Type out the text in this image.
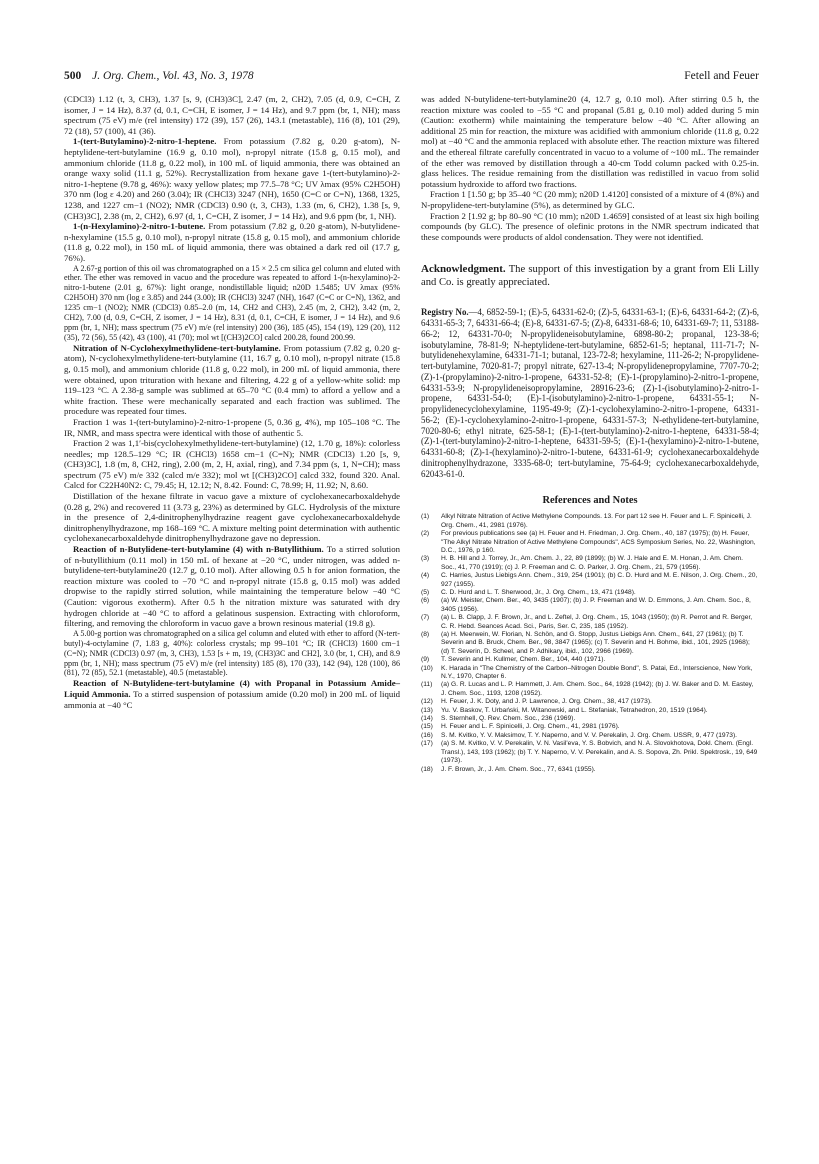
500 J. Org. Chem., Vol. 43, No. 3, 1978	Fetell and Feuer

(CDCl3) 1.12 (t, 3, CH3), 1.37 [s, 9, (CH3)3C], 2.47 (m, 2, CH2), 7.05 (d, 0.9, C=CH, Z isomer, J = 14 Hz), 8.37 (d, 0.1, C=CH, E isomer, J = 14 Hz), and 9.7 ppm (br, 1, NH); mass spectrum (75 eV) m/e (rel intensity) 172 (39), 157 (26), 143.1 (metastable), 116 (8), 101 (29), 72 (18), 57 (100), 41 (36).

1-(tert-Butylamino)-2-nitro-1-heptene. From potassium (7.82 g, 0.20 g-atom), N-heptylidene-tert-butylamine (16.9 g, 0.10 mol), n-propyl nitrate (15.8 g, 0.15 mol), and ammonium chloride (11.8 g, 0.22 mol), in 100 mL of liquid ammonia, there was obtained an orange waxy solid (11.1 g, 52%). Recrystallization from hexane gave 1-(tert-butylamino)-2-nitro-1-heptene (9.78 g, 46%): waxy yellow plates; mp 77.5–78 °C; UV λmax (95% C2H5OH) 370 nm (log ε 4.20) and 260 (3.04); IR (CHCl3) 3247 (NH), 1650 (C=C or C=N), 1368, 1325, 1238, and 1227 cm−1 (NO2); NMR (CDCl3) 0.90 (t, 3, CH3), 1.33 (m, 6, CH2), 1.38 [s, 9, (CH3)3C], 2.38 (m, 2, CH2), 6.97 (d, 1, C=CH, Z isomer, J = 14 Hz), and 9.6 ppm (br, 1, NH).

1-(n-Hexylamino)-2-nitro-1-butene. From potassium (7.82 g, 0.20 g-atom), N-butylidene-n-hexylamine (15.5 g, 0.10 mol), n-propyl nitrate (15.8 g, 0.15 mol), and ammonium chloride (11.8 g, 0.22 mol), in 150 mL of liquid ammonia, there was obtained a dark red oil (17.7 g, 76%).

A 2.67-g portion of this oil was chromatographed on a 15 × 2.5 cm silica gel column and eluted with ether. The ether was removed in vacuo and the procedure was repeated to afford 1-(n-hexylamino)-2-nitro-1-butene (2.01 g, 67%): light orange, nondistillable liquid; n20D 1.5485; UV λmax (95% C2H5OH) 370 nm (log ε 3.85) and 244 (3.00); IR (CHCl3) 3247 (NH), 1647 (C=C or C=N), 1362, and 1235 cm−1 (NO2); NMR (CDCl3) 0.85–2.0 (m, 14, CH2 and CH3), 2.45 (m, 2, CH2), 3.42 (m, 2, CH2), 7.00 (d, 0.9, C=CH, Z isomer, J = 14 Hz), 8.31 (d, 0.1, C=CH, E isomer, J = 14 Hz), and 9.6 ppm (br, 1, NH); mass spectrum (75 eV) m/e (rel intensity) 200 (36), 185 (45), 154 (19), 129 (20), 112 (35), 72 (56), 55 (42), 43 (100), 41 (70); mol wt [(CH3)2CO] calcd 200.28, found 200.99.

Nitration of N-Cyclohexylmethylidene-tert-butylamine. From potassium (7.82 g, 0.20 g-atom), N-cyclohexylmethylidene-tert-butylamine (11, 16.7 g, 0.10 mol), n-propyl nitrate (15.8 g, 0.15 mol), and ammonium chloride (11.8 g, 0.22 mol), in 200 mL of liquid ammonia, there were obtained, upon trituration with hexane and filtering, 4.22 g of a yellow-white solid: mp 119–123 °C. A 2.38-g sample was sublimed at 65–70 °C (0.4 mm) to afford a yellow and a white fraction. These were mechanically separated and each fraction was sublimed. The procedure was repeated four times.

Fraction 1 was 1-(tert-butylamino)-2-nitro-1-propene (5, 0.36 g, 4%), mp 105–108 °C. The IR, NMR, and mass spectra were identical with those of authentic 5.

Fraction 2 was 1,1′-bis(cyclohexylmethylidene-tert-butylamine) (12, 1.70 g, 18%): colorless needles; mp 128.5–129 °C; IR (CHCl3) 1658 cm−1 (C=N); NMR (CDCl3) 1.20 [s, 9, (CH3)3C], 1.8 (m, 8, CH2, ring), 2.00 (m, 2, H, axial, ring), and 7.34 ppm (s, 1, N=CH); mass spectrum (75 eV) m/e 332 (calcd m/e 332); mol wt [(CH3)2CO] calcd 332, found 320. Anal. Calcd for C22H40N2: C, 79.45; H, 12.12; N, 8.42. Found: C, 78.99; H, 11.92; N, 8.60.

Distillation of the hexane filtrate in vacuo gave a mixture of cyclohexanecarboxaldehyde (0.28 g, 2%) and recovered 11 (3.73 g, 23%) as determined by GLC. Hydrolysis of the mixture in the presence of 2,4-dinitrophenylhydrazine reagent gave cyclohexanecarboxaldehyde dinitrophenylhydrazone, mp 168–169 °C. A mixture melting point determination with authentic cyclohexanecarboxaldehyde dinitrophenylhydrazone gave no depression.

Reaction of n-Butylidene-tert-butylamine (4) with n-Butyllithium. To a stirred solution of n-butyllithium (0.11 mol) in 150 mL of hexane at −20 °C, under nitrogen, was added n-butylidene-tert-butylamine20 (12.7 g, 0.10 mol). After allowing 0.5 h for anion formation, the reaction mixture was cooled to −70 °C and n-propyl nitrate (15.8 g, 0.15 mol) was added dropwise to the rapidly stirred solution, while maintaining the temperature below −40 °C (Caution: vigorous exotherm). After 0.5 h the nitration mixture was saturated with dry hydrogen chloride at −40 °C to afford a gelatinous suspension. Extracting with chloroform, filtering, and removing the chloroform in vacuo gave a brown resinous material (19.8 g).

A 5.00-g portion was chromatographed on a silica gel column and eluted with ether to afford (N-tert-butyl)-4-octylamine (7, 1.83 g, 40%): colorless crystals; mp 99–101 °C; IR (CHCl3) 1600 cm−1 (C=N); NMR (CDCl3) 0.97 (m, 3, CH3), 1.53 [s + m, 19, (CH3)3C and CH2], 3.0 (br, 1, CH), and 8.9 ppm (br, 1, NH); mass spectrum (75 eV) m/e (rel intensity) 185 (8), 170 (33), 142 (94), 128 (100), 86 (81), 72 (85), 52.1 (metastable), 40.5 (metastable).

Reaction of N-Butylidene-tert-butylamine (4) with Propanal in Potassium Amide–Liquid Ammonia. To a stirred suspension of potassium amide (0.20 mol) in 200 mL of liquid ammonia at −40 °C

was added N-butylidene-tert-butylamine20 (4, 12.7 g, 0.10 mol). After stirring 0.5 h, the reaction mixture was cooled to −55 °C and propanal (5.81 g, 0.10 mol) added during 5 min (Caution: exotherm) while maintaining the temperature below −40 °C. After allowing an additional 25 min for reaction, the mixture was acidified with ammonium chloride (11.8 g, 0.22 mol) at −40 °C and the ammonia replaced with absolute ether. The reaction mixture was filtered and the ethereal filtrate carefully concentrated in vacuo to a volume of ~100 mL. The remainder of the ether was removed by distillation through a 40-cm Todd column packed with 0.25-in. glass helices. The residue remaining from the distillation was redistilled in vacuo from solid potassium hydroxide to afford two fractions.

Fraction 1 [1.50 g; bp 35–40 °C (20 mm); n20D 1.4120] consisted of a mixture of 4 (8%) and N-propylidene-tert-butylamine (5%), as determined by GLC.

Fraction 2 [1.92 g; bp 80–90 °C (10 mm); n20D 1.4659] consisted of at least six high boiling compounds (by GLC). The presence of olefinic protons in the NMR spectrum indicated that these compounds were products of aldol condensation. They were not identified.

Acknowledgment. The support of this investigation by a grant from Eli Lilly and Co. is greatly appreciated.

Registry No.—4, 6852-59-1; (E)-5, 64331-62-0; (Z)-5, 64331-63-1; (E)-6, 64331-64-2; (Z)-6, 64331-65-3; 7, 64331-66-4; (E)-8, 64331-67-5; (Z)-8, 64331-68-6; 10, 64331-69-7; 11, 53188-66-2; 12, 64331-70-0; N-propylideneisobutylamine, 6898-80-2; propanal, 123-38-6; isobutylamine, 78-81-9; N-heptylidene-tert-butylamine, 6852-61-5; heptanal, 111-71-7; N-butylidenehexylamine, 64331-71-1; butanal, 123-72-8; hexylamine, 111-26-2; N-propylidene-tert-butylamine, 7020-81-7; propyl nitrate, 627-13-4; N-propylidenepropylamine, 7707-70-2; (Z)-1-(propylamino)-2-nitro-1-propene, 64331-52-8; (E)-1-(propylamino)-2-nitro-1-propene, 64331-53-9; N-propylideneisopropylamine, 28916-23-6; (Z)-1-(isobutylamino)-2-nitro-1-propene, 64331-54-0; (E)-1-(isobutylamino)-2-nitro-1-propene, 64331-55-1; N-propylidenecyclohexylamine, 1195-49-9; (Z)-1-cyclohexylamino-2-nitro-1-propene, 64331-56-2; (E)-1-cyclohexylamino-2-nitro-1-propene, 64331-57-3; N-ethylidene-tert-butylamine, 7020-80-6; ethyl nitrate, 625-58-1; (E)-1-(tert-butylamino)-2-nitro-1-heptene, 64331-58-4; (Z)-1-(tert-butylamino)-2-nitro-1-heptene, 64331-59-5; (E)-1-(hexylamino)-2-nitro-1-butene, 64331-60-8; (Z)-1-(hexylamino)-2-nitro-1-butene, 64331-61-9; cyclohexanecarboxaldehyde dinitrophenylhydrazone, 3335-68-0; tert-butylamine, 75-64-9; cyclohexanecarboxaldehyde, 62043-61-0.

References and Notes
(1) Alkyl Nitrate Nitration of Active Methylene Compounds. 13. For part 12 see H. Feuer and L. F. Spinicelli, J. Org. Chem., 41, 2981 (1976).
(2) For previous publications see (a) H. Feuer and H. Friedman, J. Org. Chem., 40, 187 (1975); (b) H. Feuer, "The Alkyl Nitrate Nitration of Active Methylene Compounds", ACS Symposium Series, No. 22, Washington, D.C., 1976, p 160.
(3) H. B. Hill and J. Torrey, Jr., Am. Chem. J., 22, 89 (1899); (b) W. J. Hale and E. M. Honan, J. Am. Chem. Soc., 41, 770 (1919); (c) J. P. Freeman and C. O. Parker, J. Org. Chem., 21, 579 (1956).
(4) C. Harries, Justus Liebigs Ann. Chem., 319, 254 (1901); (b) C. D. Hurd and M. E. Nilson, J. Org. Chem., 20, 927 (1955).
(5) C. D. Hurd and L. T. Sherwood, Jr., J. Org. Chem., 13, 471 (1948).
(6) (a) W. Meister, Chem. Ber., 40, 3435 (1907); (b) J. P. Freeman and W. D. Emmons, J. Am. Chem. Soc., 8, 3405 (1956).
(7) (a) L. B. Clapp, J. F. Brown, Jr., and L. Zeftel, J. Org. Chem., 15, 1043 (1950); (b) R. Perrot and R. Berger, C. R. Hebd. Seances Acad. Sci., Paris, Ser. C, 235, 185 (1952).
(8) (a) H. Meerwein, W. Florian, N. Schön, and G. Stopp, Justus Liebigs Ann. Chem., 641, 27 (1961); (b) T. Severin and B. Bruck, Chem. Ber., 98, 3847 (1965); (c) T. Severin and H. Bohme, ibid., 101, 2925 (1968); (d) T. Severin, D. Scheel, and P. Adhikary, ibid., 102, 2966 (1969).
(9) T. Severin and H. Kullmer, Chem. Ber., 104, 440 (1971).
(10) K. Harada in "The Chemistry of the Carbon–Nitrogen Double Bond", S. Patai, Ed., Interscience, New York, N.Y., 1970, Chapter 6.
(11) (a) G. R. Lucas and L. P. Hammett, J. Am. Chem. Soc., 64, 1928 (1942); (b) J. W. Baker and D. M. Eastey, J. Chem. Soc., 1193, 1208 (1952).
(12) H. Feuer, J. K. Doty, and J. P. Lawrence, J. Org. Chem., 38, 417 (1973).
(13) Yu. V. Baskov, T. Urbański, M. Witanowski, and L. Stefaniak, Tetrahedron, 20, 1519 (1964).
(14) S. Sternhell, Q. Rev. Chem. Soc., 236 (1969).
(15) H. Feuer and L. F. Spinicelli, J. Org. Chem., 41, 2981 (1976).
(16) S. M. Kvitko, Y. V. Maksimov, T. Y. Naperno, and V. V. Perekalin, J. Org. Chem. USSR, 9, 477 (1973).
(17) (a) S. M. Kvitko, V. V. Perekalin, V. N. Vasil'eva, Y. S. Bobvich, and N. A. Slovokhotova, Dokl. Chem. (Engl. Transl.), 143, 193 (1962); (b) T. Y. Naperno, V. V. Perekalin, and A. S. Sopova, Zh. Prikl. Spektrosk., 19, 649 (1973).
(18) J. F. Brown, Jr., J. Am. Chem. Soc., 77, 6341 (1955).
